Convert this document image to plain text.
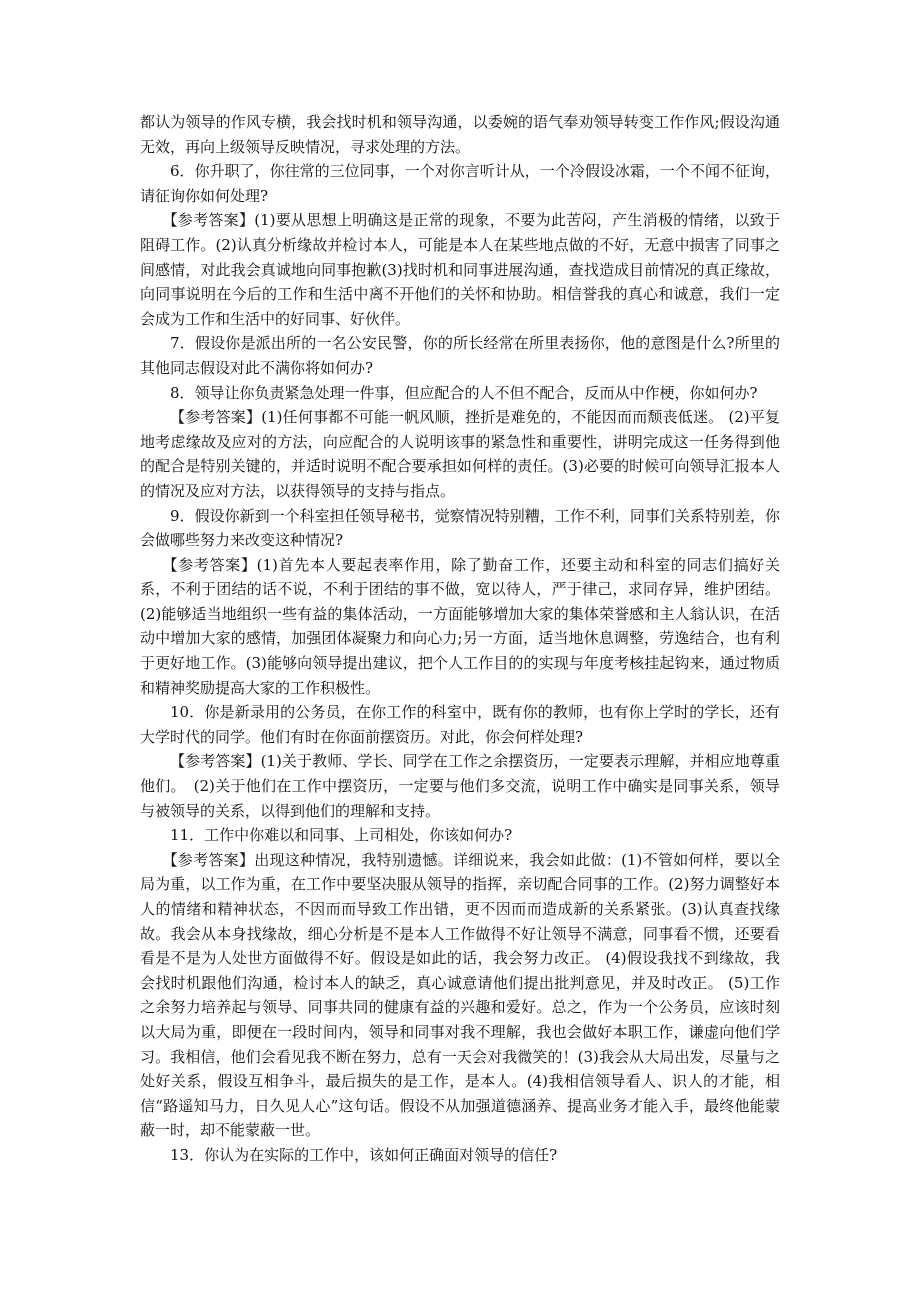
都认为领导的作风专横，我会找时机和领导沟通，以委婉的语气奉劝领导转变工作作风;假设沟通无效，再向上级领导反映情况，寻求处理的方法。

6．你升职了，你往常的三位同事，一个对你言听计从，一个冷假设冰霜，一个不闻不征询，请征询你如何处理?

【参考答案】(1)要从思想上明确这是正常的现象，不要为此苦闷，产生消极的情绪，以致于阻碍工作。(2)认真分析缘故并检讨本人，可能是本人在某些地点做的不好，无意中损害了同事之间感情，对此我会真诚地向同事抱歉(3)找时机和同事进展沟通，查找造成目前情况的真正缘故，向同事说明在今后的工作和生活中离不开他们的关怀和协助。相信誉我的真心和诚意，我们一定会成为工作和生活中的好同事、好伙伴。

7．假设你是派出所的一名公安民警，你的所长经常在所里表扬你，他的意图是什么?所里的其他同志假设对此不满你将如何办?

8．领导让你负责紧急处理一件事，但应配合的人不但不配合，反而从中作梗，你如何办?

【参考答案】(1)任何事都不可能一帆风顺，挫折是难免的，不能因而而颓丧低迷。 (2)平复地考虑缘故及应对的方法，向应配合的人说明该事的紧急性和重要性，讲明完成这一任务得到他的配合是特别关键的，并适时说明不配合要承担如何样的责任。(3)必要的时候可向领导汇报本人的情况及应对方法，以获得领导的支持与指点。

9．假设你新到一个科室担任领导秘书，觉察情况特别糟，工作不利，同事们关系特别差，你会做哪些努力来改变这种情况?

【参考答案】(1)首先本人要起表率作用，除了勤奋工作，还要主动和科室的同志们搞好关系，不利于团结的话不说，不利于团结的事不做，宽以待人，严于律己，求同存异，维护团结。(2)能够适当地组织一些有益的集体活动，一方面能够增加大家的集体荣誉感和主人翁认识，在活动中增加大家的感情，加强团体凝聚力和向心力;另一方面，适当地休息调整，劳逸结合，也有利于更好地工作。(3)能够向领导提出建议，把个人工作目的的实现与年度考核挂起钩来，通过物质和精神奖励提高大家的工作积极性。

10．你是新录用的公务员，在你工作的科室中，既有你的教师，也有你上学时的学长，还有大学时代的同学。他们有时在你面前摆资历。对此，你会何样处理?

【参考答案】(1)关于教师、学长、同学在工作之余摆资历，一定要表示理解，并相应地尊重他们。　(2)关于他们在工作中摆资历，一定要与他们多交流，说明工作中确实是同事关系，领导与被领导的关系，以得到他们的理解和支持。

11．工作中你难以和同事、上司相处，你该如何办?

【参考答案】出现这种情况，我特别遗憾。详细说来，我会如此做：(1)不管如何样，要以全局为重，以工作为重，在工作中要坚决服从领导的指挥，亲切配合同事的工作。(2)努力调整好本人的情绪和精神状态，不因而而导致工作出错，更不因而而造成新的关系紧张。(3)认真查找缘故。我会从本身找缘故，细心分析是不是本人工作做得不好让领导不满意，同事看不惯，还要看看是不是为人处世方面做得不好。假设是如此的话，我会努力改正。 (4)假设我找不到缘故，我会找时机跟他们沟通，检讨本人的缺乏，真心诚意请他们提出批判意见，并及时改正。 (5)工作之余努力培养起与领导、同事共同的健康有益的兴趣和爱好。总之，作为一个公务员，应该时刻以大局为重，即便在一段时间内，领导和同事对我不理解，我也会做好本职工作，谦虚向他们学习。我相信，他们会看见我不断在努力，总有一天会对我微笑的！(3)我会从大局出发，尽量与之处好关系，假设互相争斗，最后损失的是工作，是本人。(4)我相信领导看人、识人的才能，相信“路遥知马力，日久见人心”这句话。假设不从加强道德涵养、提高业务才能入手，最终他能蒙蔽一时，却不能蒙蔽一世。

13．你认为在实际的工作中，该如何正确面对领导的信任?
